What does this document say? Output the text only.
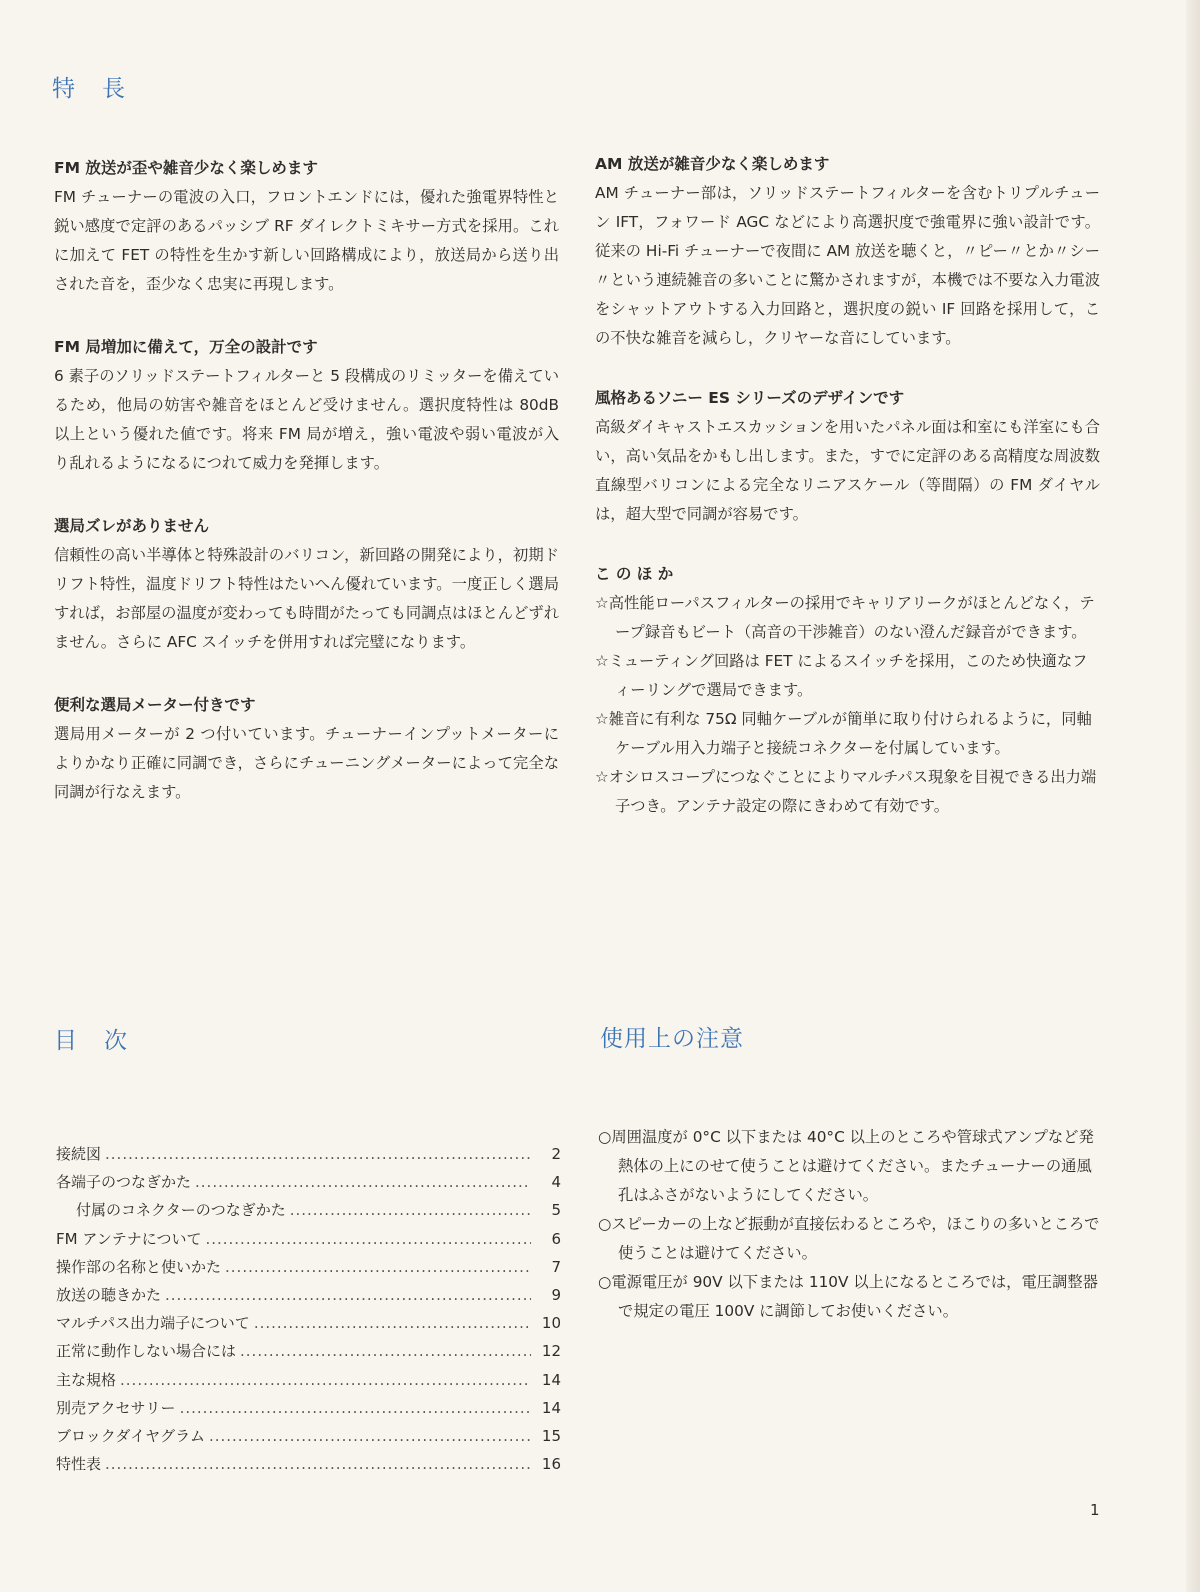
特　長

FM 放送が歪や雑音少なく楽しめます

FM チューナーの電波の入口，フロントエンドには，優れた強電界特性と鋭い感度で定評のあるパッシブ RF ダイレクトミキサー方式を採用。これに加えて FET の特性を生かす新しい回路構成により，放送局から送り出された音を，歪少なく忠実に再現します。

FM 局増加に備えて，万全の設計です

6 素子のソリッドステートフィルターと 5 段構成のリミッターを備えているため，他局の妨害や雑音をほとんど受けません。選択度特性は 80dB 以上という優れた値です。将来 FM 局が増え，強い電波や弱い電波が入り乱れるようになるにつれて威力を発揮します。

選局ズレがありません

信頼性の高い半導体と特殊設計のバリコン，新回路の開発により，初期ドリフト特性，温度ドリフト特性はたいへん優れています。一度正しく選局すれば，お部屋の温度が変わっても時間がたっても同調点はほとんどずれません。さらに AFC スイッチを併用すれば完璧になります。

便利な選局メーター付きです

選局用メーターが 2 つ付いています。チューナーインプットメーターによりかなり正確に同調でき，さらにチューニングメーターによって完全な同調が行なえます。

AM 放送が雑音少なく楽しめます

AM チューナー部は，ソリッドステートフィルターを含むトリプルチューン IFT，フォワード AGC などにより高選択度で強電界に強い設計です。従来の Hi-Fi チューナーで夜間に AM 放送を聴くと，〃ピー〃とか〃シー〃という連続雑音の多いことに驚かされますが，本機では不要な入力電波をシャットアウトする入力回路と，選択度の鋭い IF 回路を採用して，この不快な雑音を減らし，クリヤーな音にしています。

風格あるソニー ES シリーズのデザインです

高級ダイキャストエスカッションを用いたパネル面は和室にも洋室にも合い，高い気品をかもし出します。また，すでに定評のある高精度な周波数直線型バリコンによる完全なリニアスケール（等間隔）の FM ダイヤルは，超大型で同調が容易です。

こ の ほ か

☆高性能ローパスフィルターの採用でキャリアリークがほとんどなく，テープ録音もビート（高音の干渉雑音）のない澄んだ録音ができます。
☆ミューティング回路は FET によるスイッチを採用，このため快適なフィーリングで選局できます。
☆雑音に有利な 75Ω 同軸ケーブルが簡単に取り付けられるように，同軸ケーブル用入力端子と接続コネクターを付属しています。
☆オシロスコープにつなぐことによりマルチパス現象を目視できる出力端子つき。アンテナ設定の際にきわめて有効です。
目　次
接続図 .....	2
各端子のつなぎかた .....	4
付属のコネクターのつなぎかた .....	5
FM アンテナについて .....	6
操作部の名称と使いかた .....	7
放送の聴きかた .....	9
マルチパス出力端子について .....	10
正常に動作しない場合には .....	12
主な規格 .....	14
別売アクセサリー .....	14
ブロックダイヤグラム .....	15
特性表 .....	16
使用上の注意
○周囲温度が 0°C 以下または 40°C 以上のところや管球式アンプなど発熱体の上にのせて使うことは避けてください。またチューナーの通風孔はふさがないようにしてください。
○スピーカーの上など振動が直接伝わるところや，ほこりの多いところで使うことは避けてください。
○電源電圧が 90V 以下または 110V 以上になるところでは，電圧調整器で規定の電圧 100V に調節してお使いください。
1
